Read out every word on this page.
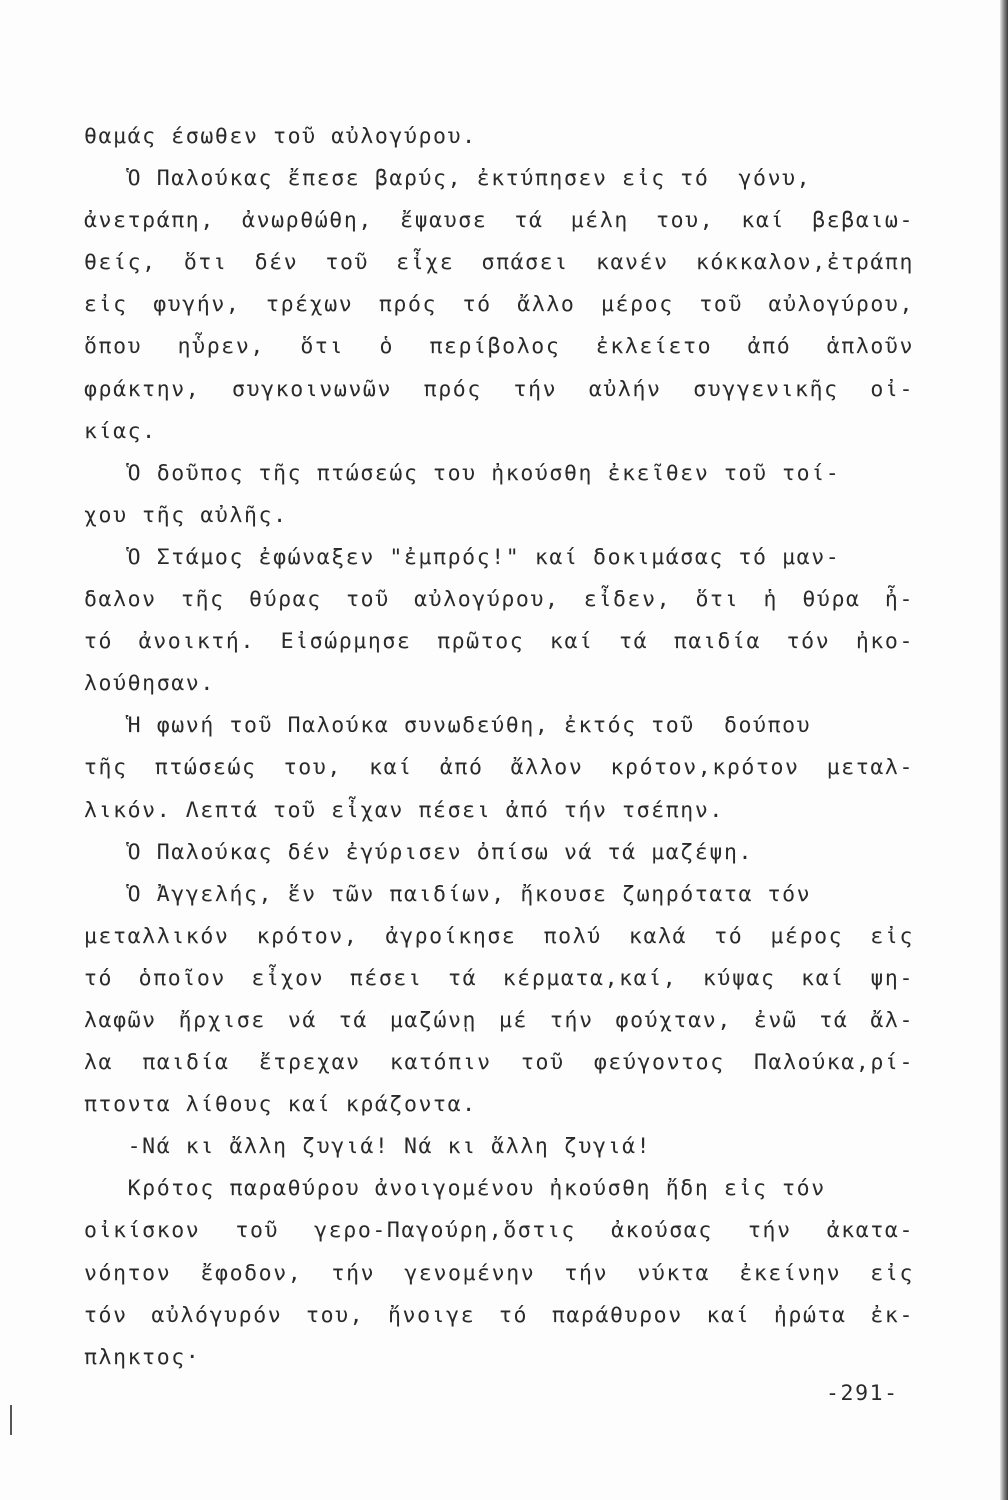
θαμάς έσωθεν τοῦ αὐλογύρου.
Ὁ Παλούκας ἔπεσε βαρύς, ἐκτύπησεν εἰς τό  γόνυ,
ἀνετράπη, ἀνωρθώθη, ἔψαυσε τά μέλη του, καί βεβαιω-
θείς, ὅτι δέν τοῦ εἶχε σπάσει κανέν κόκκαλον,ἐτράπη
εἰς φυγήν, τρέχων πρός τό ἄλλο μέρος τοῦ αὐλογύρου,
ὅπου ηὗρεν, ὅτι ὁ περίβολος ἐκλείετο ἀπό ἁπλοῦν
φράκτην, συγκοινωνῶν πρός τήν αὐλήν συγγενικῆς οἰ-
κίας.
Ὁ δοῦπος τῆς πτώσεώς του ἠκούσθη ἐκεῖθεν τοῦ τοί-
χου τῆς αὐλῆς.
Ὁ Στάμος ἐφώναξεν "ἐμπρός!" καί δοκιμάσας τό μαν-
δαλον τῆς θύρας τοῦ αὐλογύρου, εἶδεν, ὅτι ἡ θύρα ἦ-
τό ἀνοικτή. Εἰσώρμησε πρῶτος καί τά παιδία τόν ἠκο-
λούθησαν.
Ἡ φωνή τοῦ Παλούκα συνωδεύθη, ἐκτός τοῦ  δούπου
τῆς πτώσεώς του, καί ἀπό ἄλλον κρότον,κρότον μεταλ-
λικόν. Λεπτά τοῦ εἶχαν πέσει ἀπό τήν τσέπην.
Ὁ Παλούκας δέν ἐγύρισεν ὀπίσω νά τά μαζέψη.
Ὁ Ἀγγελής, ἕν τῶν παιδίων, ἤκουσε ζωηρότατα τόν
μεταλλικόν κρότον, ἀγροίκησε πολύ καλά τό μέρος εἰς
τό ὁποῖον εἶχον πέσει τά κέρματα,καί, κύψας καί ψη-
λαφῶν ἤρχισε νά τά μαζώνῃ μέ τήν φούχταν, ἐνῶ τά ἄλ-
λα παιδία ἔτρεχαν κατόπιν τοῦ φεύγοντος Παλούκα,ρί-
πτοντα λίθους καί κράζοντα.
-Νά κι ἄλλη ζυγιά! Νά κι ἄλλη ζυγιά!
Κρότος παραθύρου ἀνοιγομένου ἠκούσθη ἤδη εἰς τόν
οἰκίσκον τοῦ γερο-Παγούρη,ὅστις ἀκούσας τήν ἀκατα-
νόητον ἔφοδον, τήν γενομένην τήν νύκτα ἐκείνην εἰς
τόν αὐλόγυρόν του, ἤνοιγε τό παράθυρον καί ἠρώτα ἐκ-
πληκτος·
-291-
